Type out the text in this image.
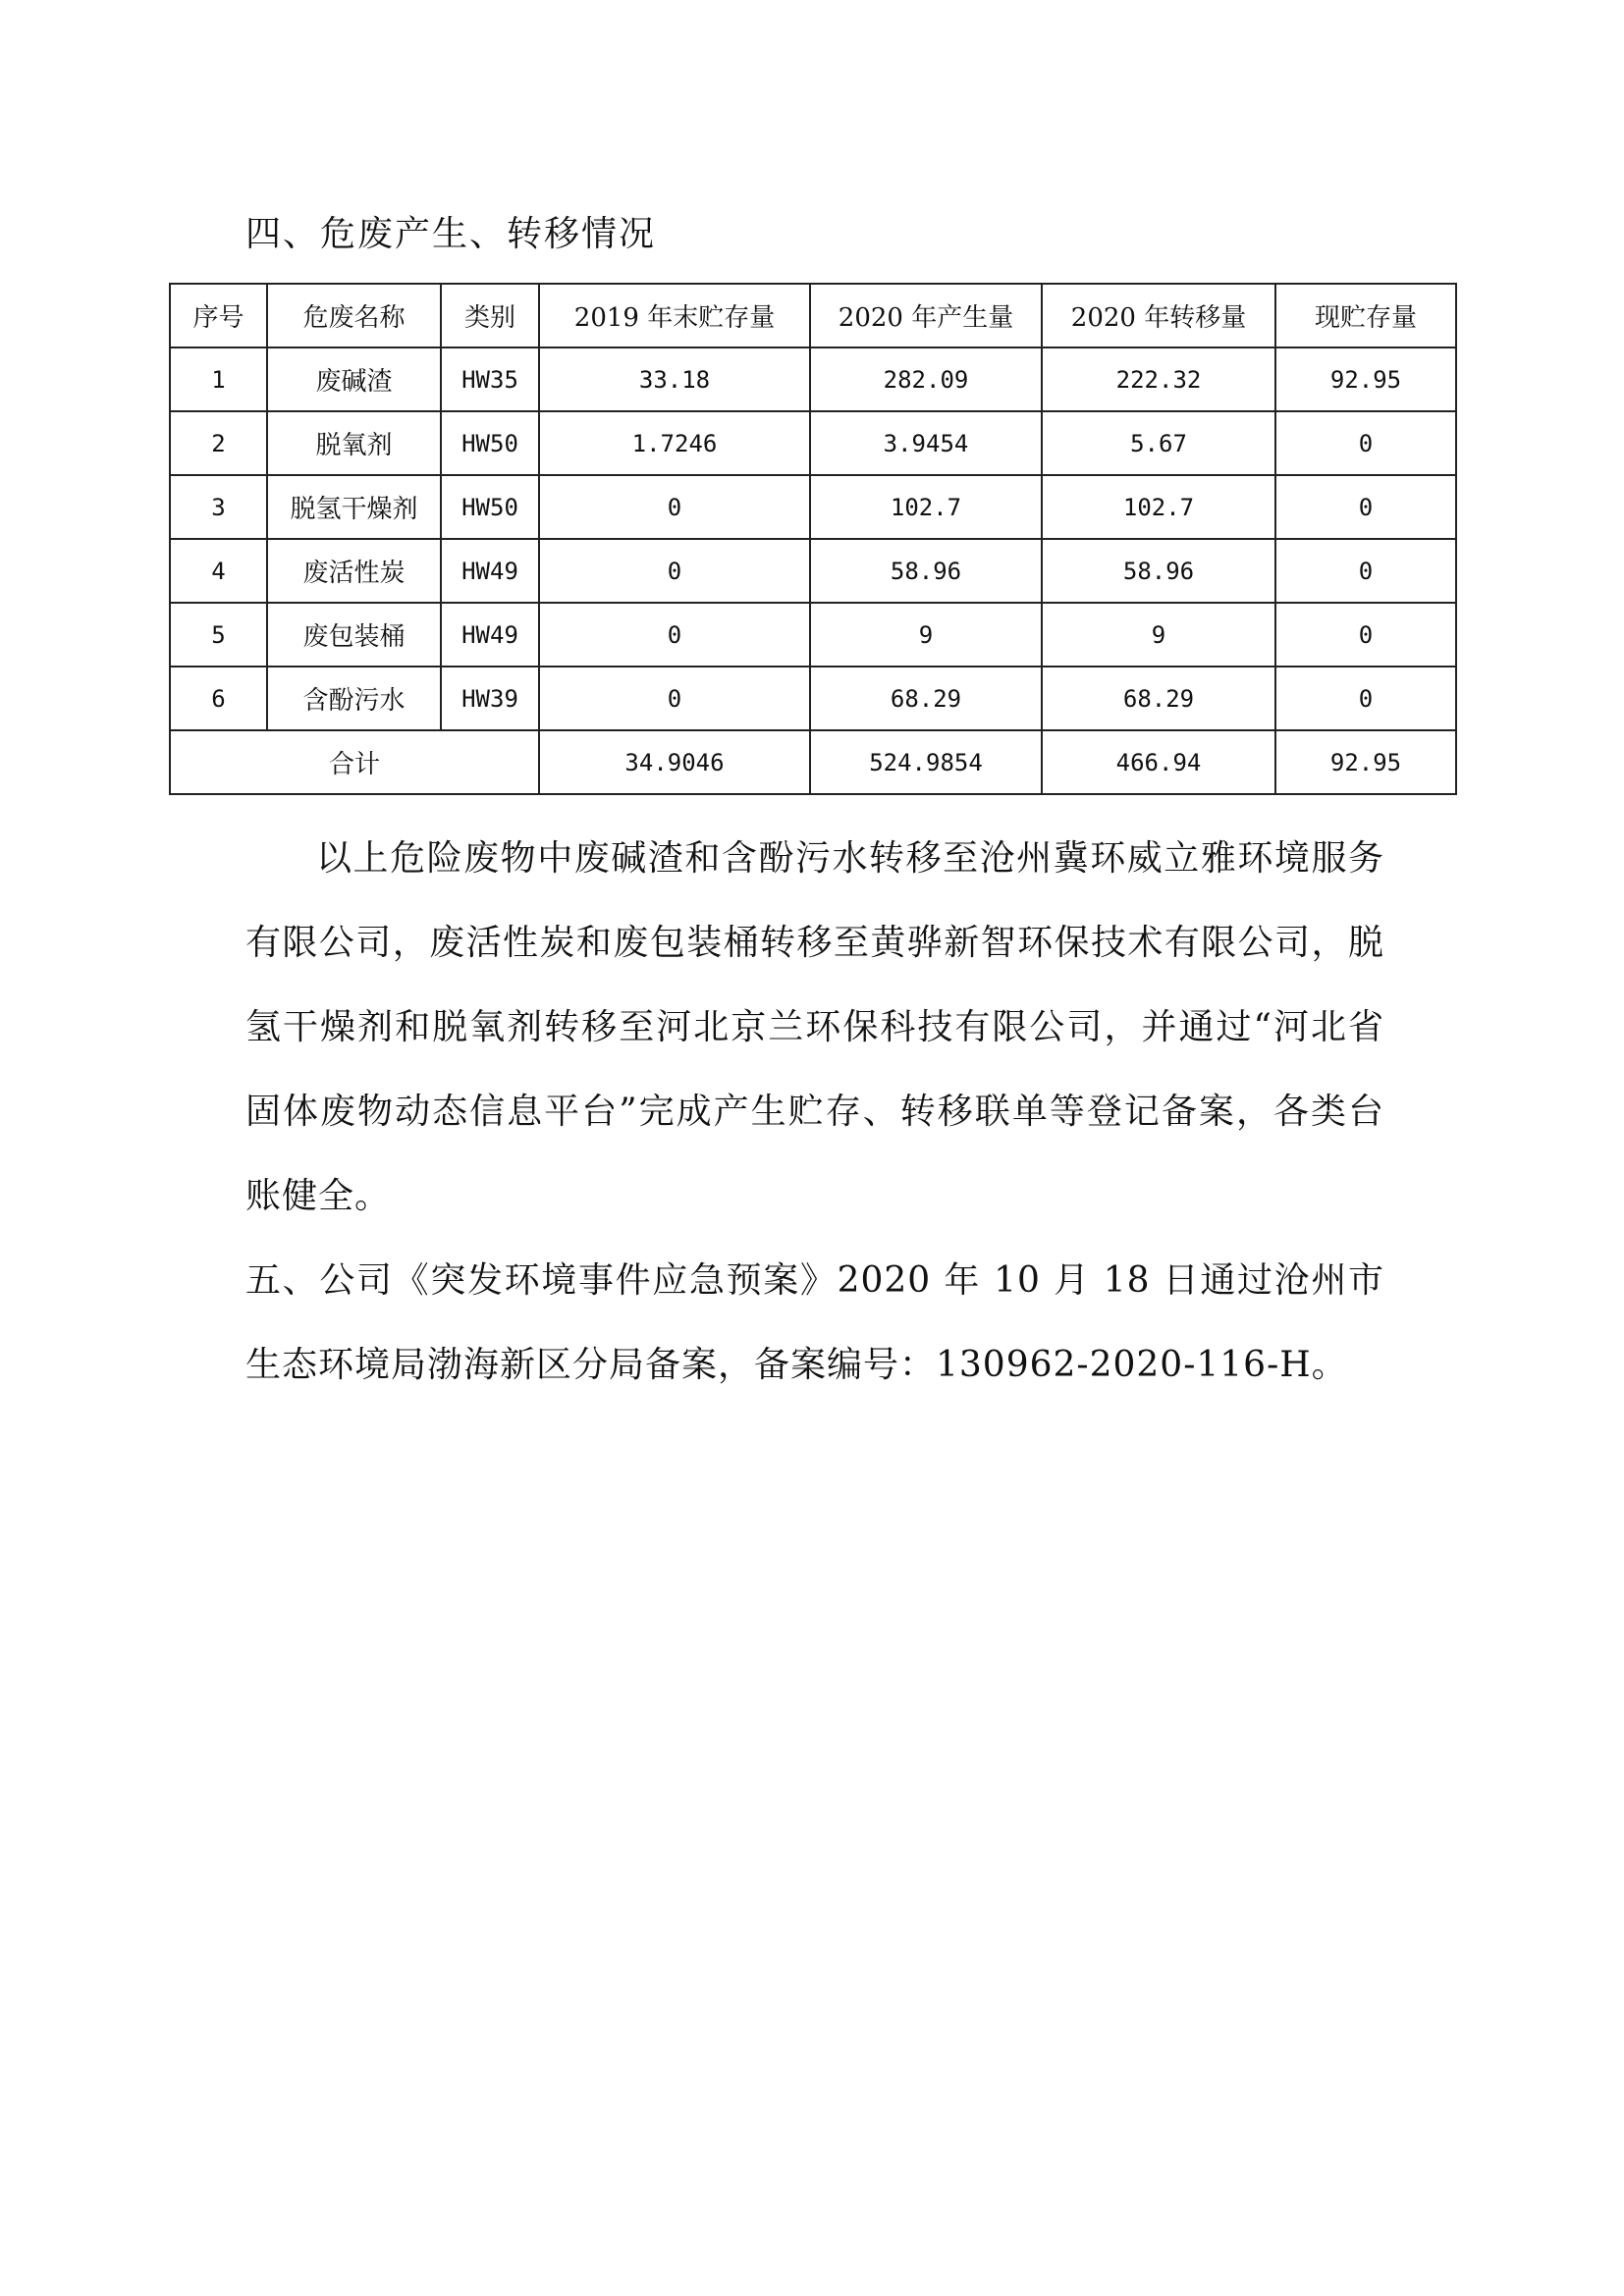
四、危废产生、转移情况
序号	危废名称	类别	2019 年末贮存量	2020 年产生量	2020 年转移量	现贮存量
1	废碱渣	HW35	33.18	282.09	222.32	92.95
2	脱氧剂	HW50	1.7246	3.9454	5.67	0
3	脱氢干燥剂	HW50	0	102.7	102.7	0
4	废活性炭	HW49	0	58.96	58.96	0
5	废包装桶	HW49	0	9	9	0
6	含酚污水	HW39	0	68.29	68.29	0
合计			34.9046	524.9854	466.94	92.95

以上危险废物中废碱渣和含酚污水转移至沧州冀环威立雅环境服务有限公司，废活性炭和废包装桶转移至黄骅新智环保技术有限公司，脱氢干燥剂和脱氧剂转移至河北京兰环保科技有限公司，并通过“河北省固体废物动态信息平台”完成产生贮存、转移联单等登记备案，各类台账健全。

五、公司《突发环境事件应急预案》2020 年 10 月 18 日通过沧州市生态环境局渤海新区分局备案，备案编号：130962-2020-116-H。
